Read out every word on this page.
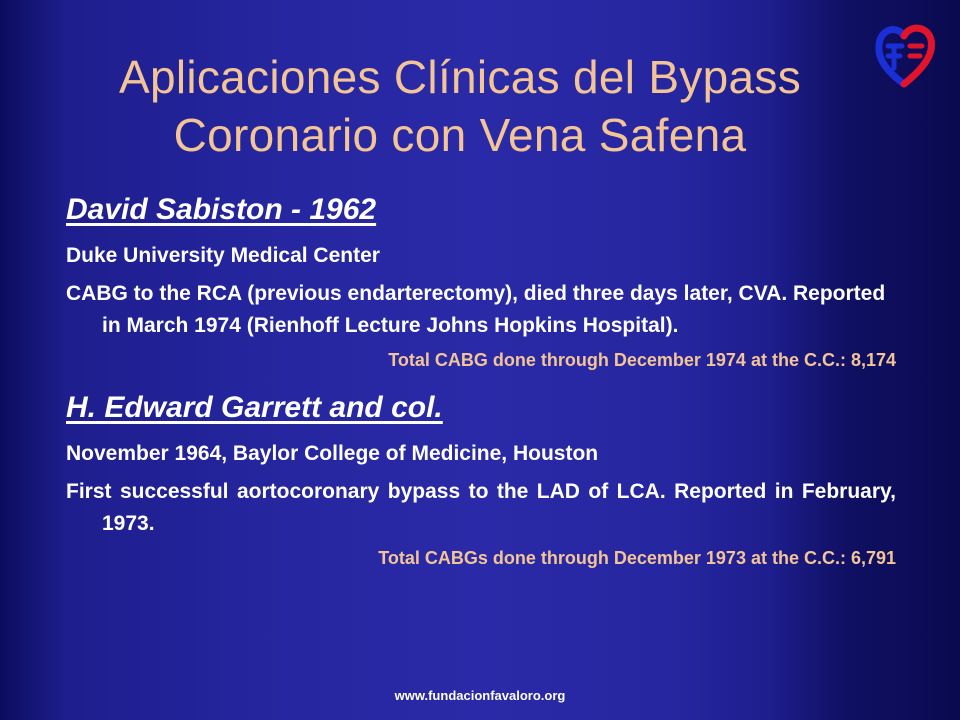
Aplicaciones Clínicas del Bypass
Coronario con Vena Safena
David Sabiston - 1962
Duke University Medical Center
CABG to the RCA (previous endarterectomy), died three days later, CVA. Reported in March 1974 (Rienhoff Lecture Johns Hopkins Hospital).
Total CABG done through December 1974 at the C.C.: 8,174
H. Edward Garrett and col.
November 1964, Baylor College of Medicine, Houston
First successful aortocoronary bypass to the LAD of LCA. Reported in February, 1973.
Total CABGs done through December 1973 at the C.C.: 6,791
www.fundacionfavaloro.org
